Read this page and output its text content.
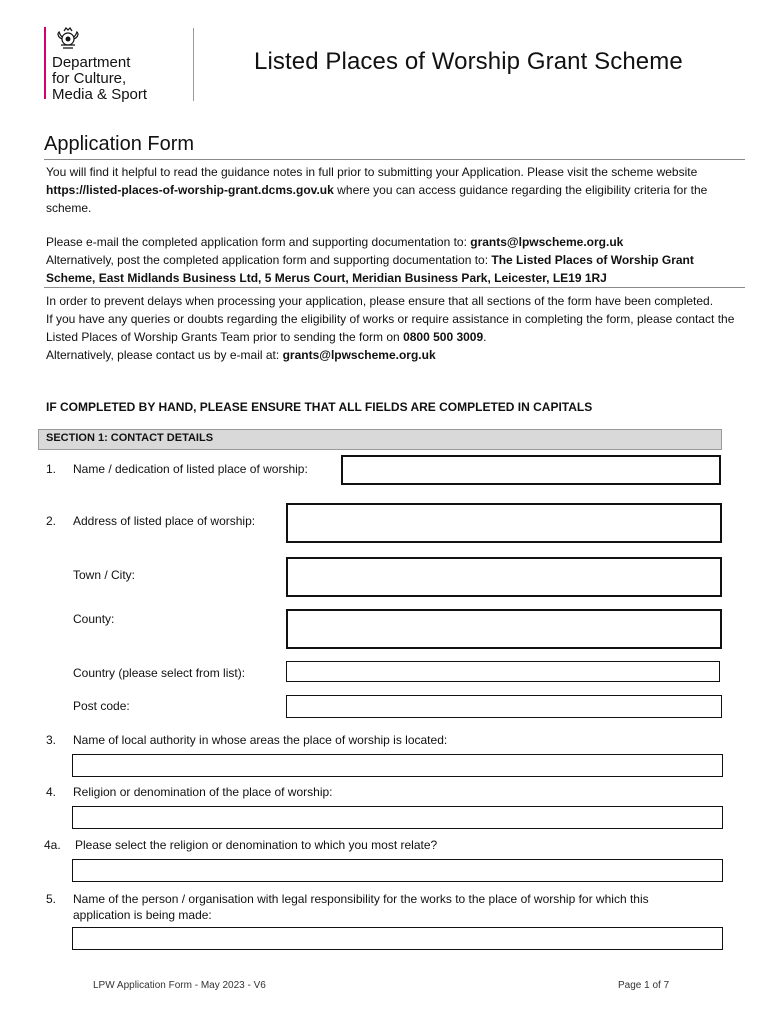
Department
for Culture,
Media & Sport
Listed Places of Worship Grant Scheme
Application Form
You will find it helpful to read the guidance notes in full prior to submitting your Application. Please visit the scheme website https://listed-places-of-worship-grant.dcms.gov.uk where you can access guidance regarding the eligibility criteria for the scheme.
Please e-mail the completed application form and supporting documentation to: grants@lpwscheme.org.uk
Alternatively, post the completed application form and supporting documentation to: The Listed Places of Worship Grant Scheme, East Midlands Business Ltd, 5 Merus Court, Meridian Business Park, Leicester, LE19 1RJ
In order to prevent delays when processing your application, please ensure that all sections of the form have been completed.
If you have any queries or doubts regarding the eligibility of works or require assistance in completing the form, please contact the Listed Places of Worship Grants Team prior to sending the form on 0800 500 3009.
Alternatively, please contact us by e-mail at: grants@lpwscheme.org.uk
IF COMPLETED BY HAND, PLEASE ENSURE THAT ALL FIELDS ARE COMPLETED IN CAPITALS
SECTION 1: CONTACT DETAILS
1. Name / dedication of listed place of worship:
2. Address of listed place of worship:
Town / City:
County:
Country (please select from list):
Post code:
3. Name of local authority in whose areas the place of worship is located:
4. Religion or denomination of the place of worship:
4a. Please select the religion or denomination to which you most relate?
5. Name of the person / organisation with legal responsibility for the works to the place of worship for which this
application is being made:
LPW Application Form - May 2023 - V6	Page 1 of 7
